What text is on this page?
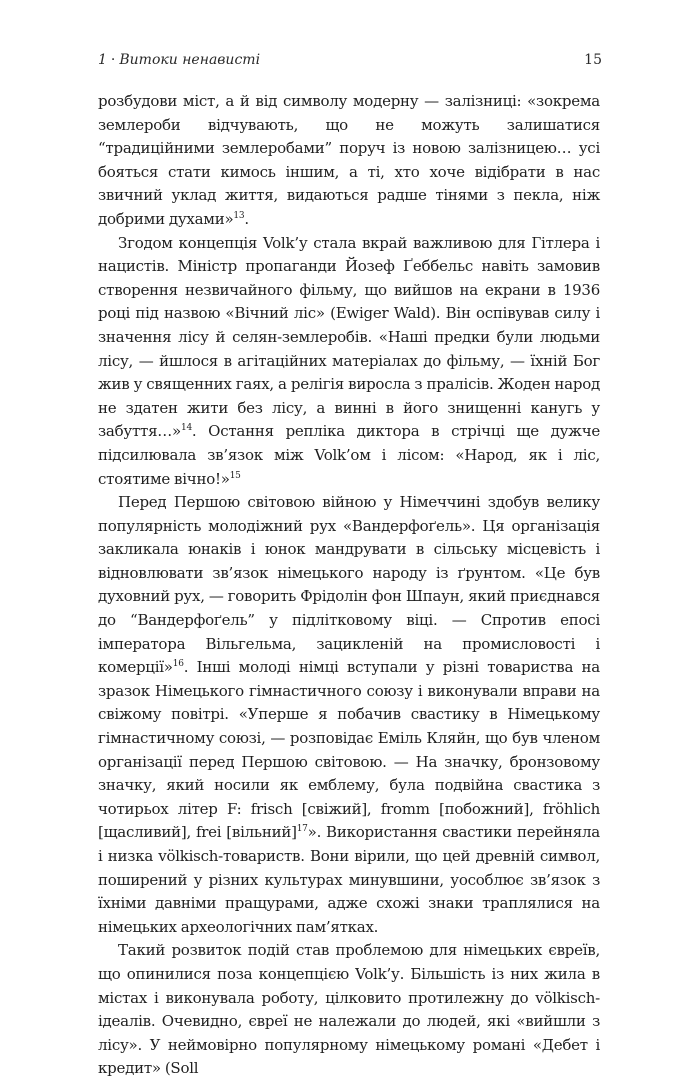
1 · Витоки ненависті	15

розбудови міст, а й від символу модерну — залізниці: «зокрема землероби відчувають, що не можуть залишатися “традиційними землеробами” поруч із новою залізницею… усі бояться стати кимось іншим, а ті, хто хоче відібрати в нас звичний уклад життя, видаються радше тінями з пекла, ніж добрими духами»$^{13}$.

Згодом концепція Volk’у стала вкрай важливою для Гітлера і нацистів. Міністр пропаганди Йозеф Ґеббельс навіть замовив створення незвичайного фільму, що вийшов на екрани в 1936 році під назвою «Вічний ліс» (Ewiger Wald). Він оспівував силу і значення лісу й селян-землеробів. «Наші предки були людьми лісу, — йшлося в агітаційних матеріалах до фільму, — їхній Бог жив у священних гаях, а релігія виросла з пралісів. Жоден народ не здатен жити без лісу, а винні в його знищенні канугь у забуття…»$^{14}$. Остання репліка диктора в стрічці ще дужче підсилювала зв’язок між Volk’ом і лісом: «Народ, як і ліс, стоятиме вічно!»$^{15}$

Перед Першою світовою війною у Німеччині здобув велику популярність молодіжний рух «Вандерфоґель». Ця організація закликала юнаків і юнок мандрувати в сільську місцевість і відновлювати зв’язок німецького народу із ґрунтом. «Це був духовний рух, — говорить Фрідолін фон Шпаун, який приєднався до “Вандерфоґель” у підлітковому віці. — Спротив епосі імператора Вільгельма, зацикленій на промисловості і комерції»$^{16}$. Інші молоді німці вступали у різні товариства на зразок Німецького гімнастичного союзу і виконували вправи на свіжому повітрі. «Уперше я побачив свастику в Німецькому гімнастичному союзі, — розповідає Еміль Кляйн, що був членом організації перед Першою світовою. — На значку, бронзовому значку, який носили як емблему, була подвійна свастика з чотирьох літер F: frisch [свіжий], fromm [побожний], fröhlich [щасливий], frei [вільний]$^{17}$». Використання свастики перейняла і низка völkisch-товариств. Вони вірили, що цей древній символ, поширений у різних культурах минувшини, уособлює зв’язок з їхніми давніми пращурами, адже схожі знаки траплялися на німецьких археологічних пам’ятках.

Такий розвиток подій став проблемою для німецьких євреїв, що опинилися поза концепцією Volk’у. Більшість із них жила в містах і виконувала роботу, цілковито протилежну до völkisch-ідеалів. Очевидно, євреї не належали до людей, які «вийшли з лісу». У неймовірно популярному німецькому романі «Дебет і кредит» (Soll
